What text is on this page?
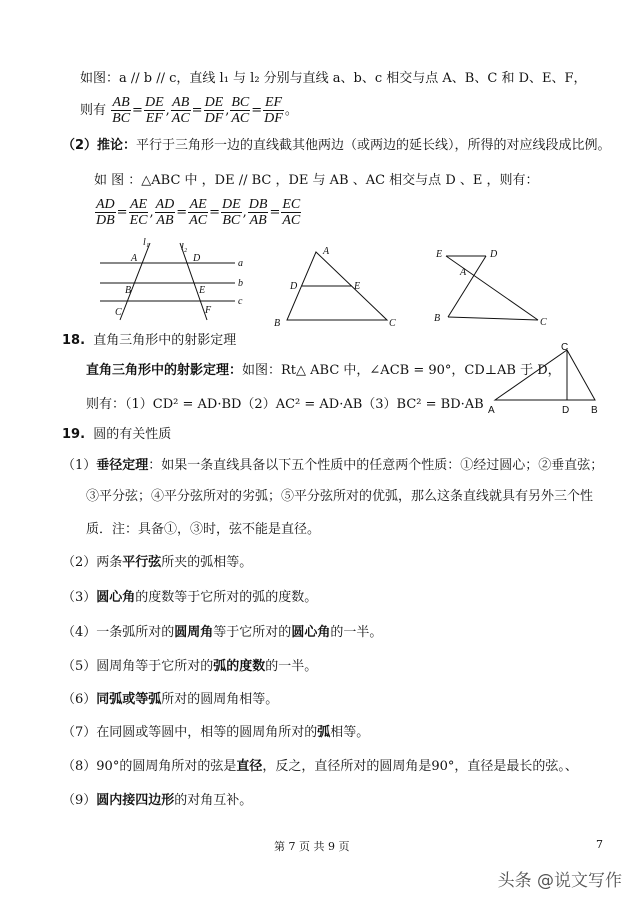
如图：a // b // c，直线 l₁ 与 l₂ 分别与直线 a、b、c 相交与点 A、B、C 和 D、E、F，
则有 $\frac{AB}{BC} = \frac{DE}{EF}$ , $\frac{AB}{AC} = \frac{DE}{DF}$ , $\frac{BC}{AC} = \frac{EF}{DF}$ 。
（2）推论：平行于三角形一边的直线截其他两边（或两边的延长线），所得的对应线段成比例。
如 图 ：△ABC 中 ，DE // BC ，DE 与 AB 、AC 相交与点 D 、E ，则有：
$\frac{AD}{DB} = \frac{AE}{EC}$ , $\frac{AD}{AB} = \frac{AE}{AC} = \frac{DE}{BC}$ , $\frac{DB}{AB} = \frac{EC}{AC}$
l₁	l₂
a
b
c
A
B
C
D
E
F
A
D	E
B	C
E	D
A
B	C
18. 直角三角形中的射影定理
直角三角形中的射影定理：如图：Rt△ ABC 中，∠ACB = 90°，CD⊥AB 于 D，
则有：（1）CD² = AD·BD（2）AC² = AD·AB（3）BC² = BD·AB
C
A	D B
19. 圆的有关性质
（1）垂径定理：如果一条直线具备以下五个性质中的任意两个性质：①经过圆心；②垂直弦；
③平分弦；④平分弦所对的劣弧；⑤平分弦所对的优弧，那么这条直线就具有另外三个性
质．注：具备①，③时，弦不能是直径。
（2）两条平行弦所夹的弧相等。
（3）圆心角的度数等于它所对的弧的度数。
（4）一条弧所对的圆周角等于它所对的圆心角的一半。
（5）圆周角等于它所对的弧的度数的一半。
（6）同弧或等弧所对的圆周角相等。
（7）在同圆或等圆中，相等的圆周角所对的弧相等。
（8）90°的圆周角所对的弦是直径，反之，直径所对的圆周角是90°，直径是最长的弦。、
（9）圆内接四边形的对角互补。
第 7 页 共 9 页	7
头条 @说文写作
